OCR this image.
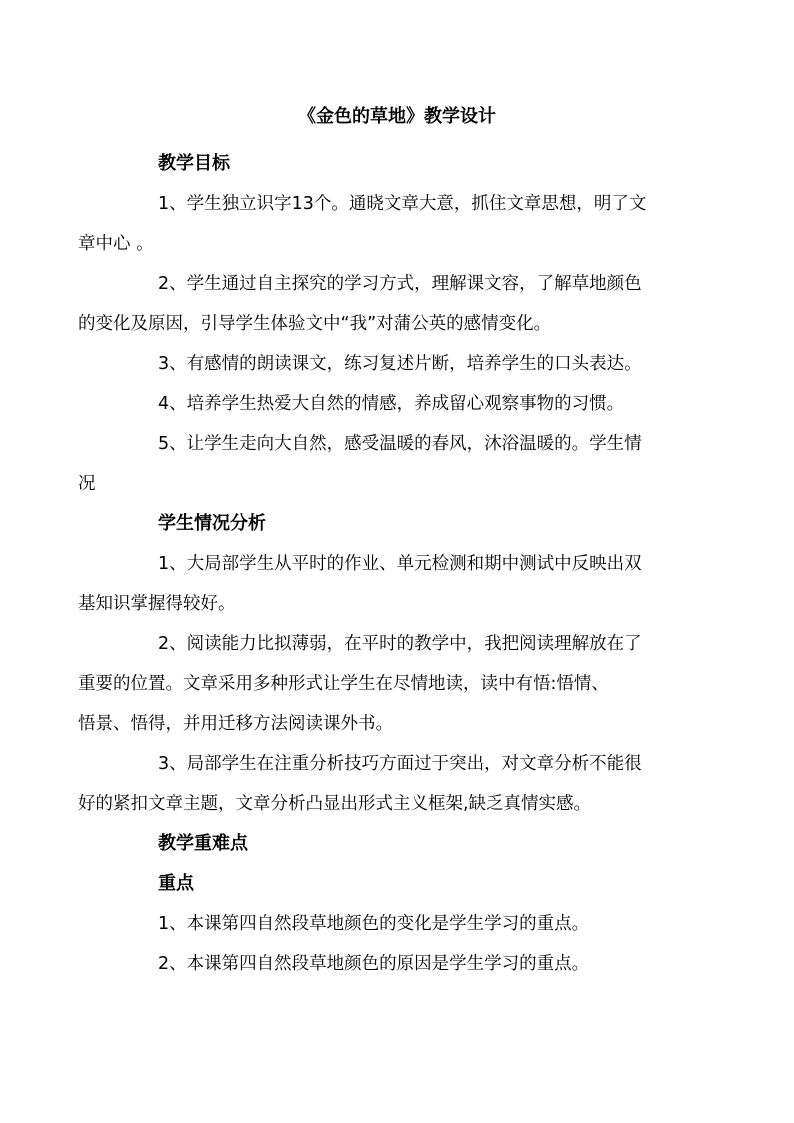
《金色的草地》教学设计
教学目标

1、学生独立识字13个。通晓文章大意，抓住文章思想，明了文
章中心 。

2、学生通过自主探究的学习方式，理解课文容，了解草地颜色
的变化及原因，引导学生体验文中“我”对蒲公英的感情变化。

3、有感情的朗读课文，练习复述片断，培养学生的口头表达。

4、培养学生热爱大自然的情感，养成留心观察事物的习惯。

5、让学生走向大自然，感受温暖的春风，沐浴温暖的。学生情
况

学生情况分析

1、大局部学生从平时的作业、单元检测和期中测试中反映出双
基知识掌握得较好。

2、阅读能力比拟薄弱，在平时的教学中，我把阅读理解放在了
重要的位置。文章采用多种形式让学生在尽情地读，读中有悟:悟情、
悟景、悟得，并用迁移方法阅读课外书。

3、局部学生在注重分析技巧方面过于突出，对文章分析不能很
好的紧扣文章主题，文章分析凸显出形式主义框架,缺乏真情实感。

教学重难点
重点

1、本课第四自然段草地颜色的变化是学生学习的重点。

2、本课第四自然段草地颜色的原因是学生学习的重点。
